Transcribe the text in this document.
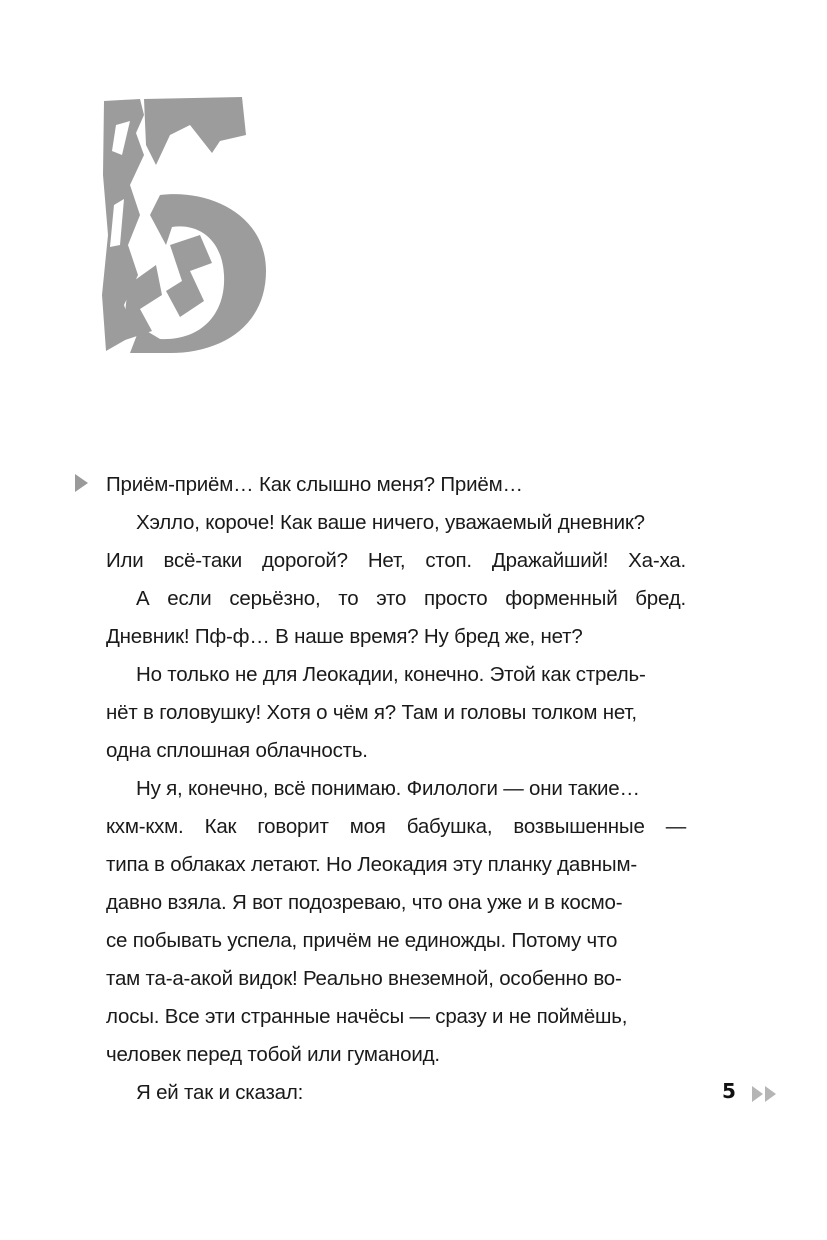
Приём-приём… Как слышно меня? Приём…
Хэлло, короче! Как ваше ничего, уважаемый дневник?
Или всё-таки дорогой? Нет, стоп. Дражайший! Ха-ха.
А если серьёзно, то это просто форменный бред.
Дневник! Пф-ф… В наше время? Ну бред же, нет?
Но только не для Леокадии, конечно. Этой как стрель-
нёт в головушку! Хотя о чём я? Там и головы толком нет,
одна сплошная облачность.
Ну я, конечно, всё понимаю. Филологи — они такие…
кхм-кхм. Как говорит моя бабушка, возвышенные —
типа в облаках летают. Но Леокадия эту планку давным-
давно взяла. Я вот подозреваю, что она уже и в космо-
се побывать успела, причём не единожды. Потому что
там та-а-акой видок! Реально внеземной, особенно во-
лосы. Все эти странные начёсы — сразу и не поймёшь,
человек перед тобой или гуманоид.
Я ей так и сказал:	5
